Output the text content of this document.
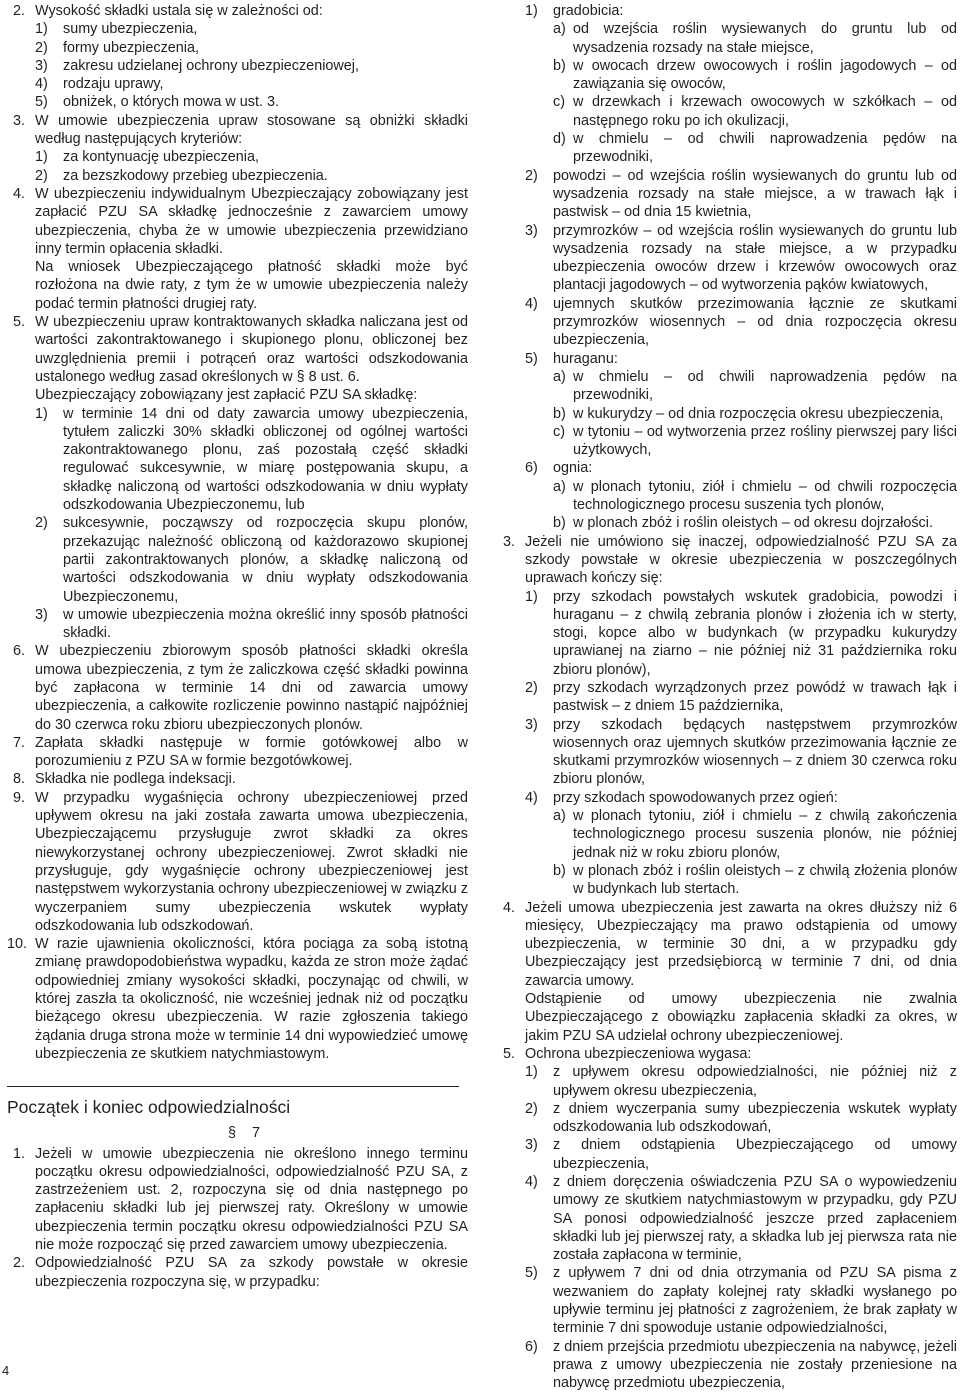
2. Wysokość składki ustala się w zależności od:

1) sumy ubezpieczenia,

2) formy ubezpieczenia,

3) zakresu udzielanej ochrony ubezpieczeniowej,

4) rodzaju uprawy,

5) obniżek, o których mowa w ust. 3.

3. W umowie ubezpieczenia upraw stosowane są obniżki składki według następujących kryteriów:

1) za kontynuację ubezpieczenia,

2) za bezszkodowy przebieg ubezpieczenia.

4. W ubezpieczeniu indywidualnym Ubezpieczający zobowiązany jest zapłacić PZU SA składkę jednocześnie z zawarciem umowy ubezpieczenia, chyba że w umowie ubezpieczenia przewidziano inny termin opłacenia składki.

Na wniosek Ubezpieczającego płatność składki może być rozłożona na dwie raty, z tym że w umowie ubezpieczenia należy podać termin płatności drugiej raty.

5. W ubezpieczeniu upraw kontraktowanych składka naliczana jest od wartości zakontraktowanego i skupionego plonu, obliczonej bez uwzględnienia premii i potrąceń oraz wartości odszkodowania ustalonego według zasad określonych w § 8 ust. 6.

Ubezpieczający zobowiązany jest zapłacić PZU SA składkę:

1) w terminie 14 dni od daty zawarcia umowy ubezpieczenia, tytułem zaliczki 30% składki obliczonej od ogólnej wartości zakontraktowanego plonu, zaś pozostałą część składki regulować sukcesywnie, w miarę postępowania skupu, a składkę naliczoną od wartości odszkodowania w dniu wypłaty odszkodowania Ubezpieczonemu, lub

2) sukcesywnie, począwszy od rozpoczęcia skupu plonów, przekazując należność obliczoną od każdorazowo skupionej partii zakontraktowanych plonów, a składkę naliczoną od wartości odszkodowania w dniu wypłaty odszkodowania Ubezpieczonemu,

3) w umowie ubezpieczenia można określić inny sposób płatności składki.

6. W ubezpieczeniu zbiorowym sposób płatności składki określa umowa ubezpieczenia, z tym że zaliczkowa część składki powinna być zapłacona w terminie 14 dni od zawarcia umowy ubezpieczenia, a całkowite rozliczenie powinno nastąpić najpóźniej do 30 czerwca roku zbioru ubezpieczonych plonów.

7. Zapłata składki następuje w formie gotówkowej albo w porozumieniu z PZU SA w formie bezgotówkowej.

8. Składka nie podlega indeksacji.

9. W przypadku wygaśnięcia ochrony ubezpieczeniowej przed upływem okresu na jaki została zawarta umowa ubezpieczenia, Ubezpieczającemu przysługuje zwrot składki za okres niewykorzystanej ochrony ubezpieczeniowej. Zwrot składki nie przysługuje, gdy wygaśnięcie ochrony ubezpieczeniowej jest następstwem wykorzystania ochrony ubezpieczeniowej w związku z wyczerpaniem sumy ubezpieczenia wskutek wypłaty odszkodowania lub odszkodowań.

10. W razie ujawnienia okoliczności, która pociąga za sobą istotną zmianę prawdopodobieństwa wypadku, każda ze stron może żądać odpowiedniej zmiany wysokości składki, poczynając od chwili, w której zaszła ta okoliczność, nie wcześniej jednak niż od początku bieżącego okresu ubezpieczenia. W razie zgłoszenia takiego żądania druga strona może w terminie 14 dni wypowiedzieć umowę ubezpieczenia ze skutkiem natychmiastowym.

Początek i koniec odpowiedzialności
§ 7

1. Jeżeli w umowie ubezpieczenia nie określono innego terminu początku okresu odpowiedzialności, odpowiedzialność PZU SA, z zastrzeżeniem ust. 2, rozpoczyna się od dnia następnego po zapłaceniu składki lub jej pierwszej raty. Określony w umowie ubezpieczenia termin początku okresu odpowiedzialności PZU SA nie może rozpocząć się przed zawarciem umowy ubezpieczenia.

2. Odpowiedzialność PZU SA za szkody powstałe w okresie ubezpieczenia rozpoczyna się, w przypadku:

1) gradobicia:

a) od wzejścia roślin wysiewanych do gruntu lub od wysadzenia rozsady na stałe miejsce,

b) w owocach drzew owocowych i roślin jagodowych – od zawiązania się owoców,

c) w drzewkach i krzewach owocowych w szkółkach – od następnego roku po ich okulizacji,

d) w chmielu – od chwili naprowadzenia pędów na przewodniki,

2) powodzi – od wzejścia roślin wysiewanych do gruntu lub od wysadzenia rozsady na stałe miejsce, a w trawach łąk i pastwisk – od dnia 15 kwietnia,

3) przymrozków – od wzejścia roślin wysiewanych do gruntu lub wysadzenia rozsady na stałe miejsce, a w przypadku ubezpieczenia owoców drzew i krzewów owocowych oraz plantacji jagodowych – od wytworzenia pąków kwiatowych,

4) ujemnych skutków przezimowania łącznie ze skutkami przymrozków wiosennych – od dnia rozpoczęcia okresu ubezpieczenia,

5) huraganu:

a) w chmielu – od chwili naprowadzenia pędów na przewodniki,

b) w kukurydzy – od dnia rozpoczęcia okresu ubezpieczenia,

c) w tytoniu – od wytworzenia przez rośliny pierwszej pary liści użytkowych,

6) ognia:

a) w plonach tytoniu, ziół i chmielu – od chwili rozpoczęcia technologicznego procesu suszenia tych plonów,

b) w plonach zbóż i roślin oleistych – od okresu dojrzałości.

3. Jeżeli nie umówiono się inaczej, odpowiedzialność PZU SA za szkody powstałe w okresie ubezpieczenia w poszczególnych uprawach kończy się:

1) przy szkodach powstałych wskutek gradobicia, powodzi i huraganu – z chwilą zebrania plonów i złożenia ich w sterty, stogi, kopce albo w budynkach (w przypadku kukurydzy uprawianej na ziarno – nie później niż 31 października roku zbioru plonów),

2) przy szkodach wyrządzonych przez powódź w trawach łąk i pastwisk – z dniem 15 października,

3) przy szkodach będących następstwem przymrozków wiosennych oraz ujemnych skutków przezimowania łącznie ze skutkami przymrozków wiosennych – z dniem 30 czerwca roku zbioru plonów,

4) przy szkodach spowodowanych przez ogień:

a) w plonach tytoniu, ziół i chmielu – z chwilą zakończenia technologicznego procesu suszenia plonów, nie później jednak niż w roku zbioru plonów,

b) w plonach zbóż i roślin oleistych – z chwilą złożenia plonów w budynkach lub stertach.

4. Jeżeli umowa ubezpieczenia jest zawarta na okres dłuższy niż 6 miesięcy, Ubezpieczający ma prawo odstąpienia od umowy ubezpieczenia, w terminie 30 dni, a w przypadku gdy Ubezpieczający jest przedsiębiorcą w terminie 7 dni, od dnia zawarcia umowy.

Odstąpienie od umowy ubezpieczenia nie zwalnia Ubezpieczającego z obowiązku zapłacenia składki za okres, w jakim PZU SA udzielał ochrony ubezpieczeniowej.

5. Ochrona ubezpieczeniowa wygasa:

1) z upływem okresu odpowiedzialności, nie później niż z upływem okresu ubezpieczenia,

2) z dniem wyczerpania sumy ubezpieczenia wskutek wypłaty odszkodowania lub odszkodowań,

3) z dniem odstąpienia Ubezpieczającego od umowy ubezpieczenia,

4) z dniem doręczenia oświadczenia PZU SA o wypowiedzeniu umowy ze skutkiem natychmiastowym w przypadku, gdy PZU SA ponosi odpowiedzialność jeszcze przed zapłaceniem składki lub jej pierwszej raty, a składka lub jej pierwsza rata nie została zapłacona w terminie,

5) z upływem 7 dni od dnia otrzymania od PZU SA pisma z wezwaniem do zapłaty kolejnej raty składki wysłanego po upływie terminu jej płatności z zagrożeniem, że brak zapłaty w terminie 7 dni spowoduje ustanie odpowiedzialności,

6) z dniem przejścia przedmiotu ubezpieczenia na nabywcę, jeżeli prawa z umowy ubezpieczenia nie zostały przeniesione na nabywcę przedmiotu ubezpieczenia,

4
